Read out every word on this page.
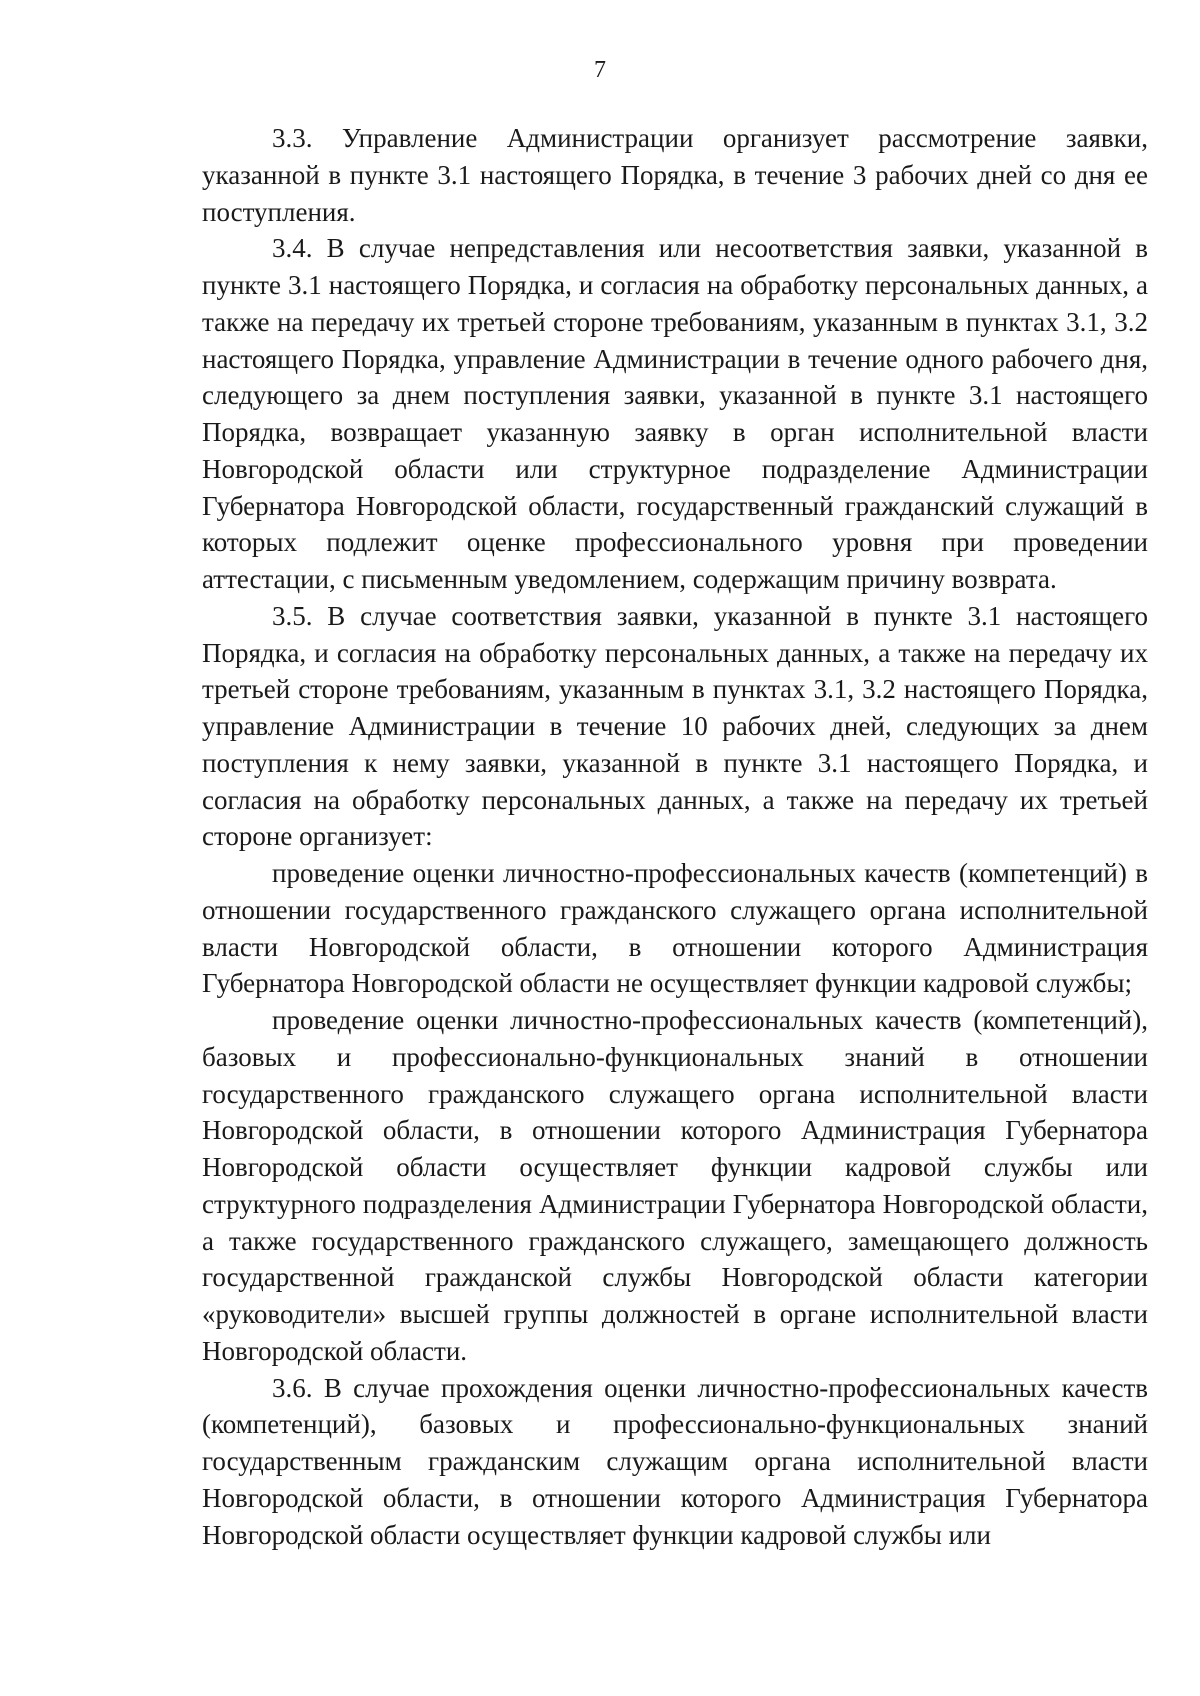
7

3.3. Управление Администрации организует рассмотрение заявки, указанной в пункте 3.1 настоящего Порядка, в течение 3 рабочих дней со дня ее поступления.

3.4. В случае непредставления или несоответствия заявки, указанной в пункте 3.1 настоящего Порядка, и согласия на обработку персональных данных, а также на передачу их третьей стороне требованиям, указанным в пунктах 3.1, 3.2 настоящего Порядка, управление Администрации в течение одного рабочего дня, следующего за днем поступления заявки, указанной в пункте 3.1 настоящего Порядка, возвращает указанную заявку в орган исполнительной власти Новгородской области или структурное подразделение Администрации Губернатора Новгородской области, государственный гражданский служащий в которых подлежит оценке профессионального уровня при проведении аттестации, с письменным уведомлением, содержащим причину возврата.

3.5. В случае соответствия заявки, указанной в пункте 3.1 настоящего Порядка, и согласия на обработку персональных данных, а также на передачу их третьей стороне требованиям, указанным в пунктах 3.1, 3.2 настоящего Порядка, управление Администрации в течение 10 рабочих дней, следующих за днем поступления к нему заявки, указанной в пункте 3.1 настоящего Порядка, и согласия на обработку персональных данных, а также на передачу их третьей стороне организует:

проведение оценки личностно-профессиональных качеств (компетенций) в отношении государственного гражданского служащего органа исполнительной власти Новгородской области, в отношении которого Администрация Губернатора Новгородской области не осуществляет функции кадровой службы;

проведение оценки личностно-профессиональных качеств (компетенций), базовых и профессионально-функциональных знаний в отношении государственного гражданского служащего органа исполнительной власти Новгородской области, в отношении которого Администрация Губернатора Новгородской области осуществляет функции кадровой службы или структурного подразделения Администрации Губернатора Новгородской области, а также государственного гражданского служащего, замещающего должность государственной гражданской службы Новгородской области категории «руководители» высшей группы должностей в органе исполнительной власти Новгородской области.

3.6. В случае прохождения оценки личностно-профессиональных качеств (компетенций), базовых и профессионально-функциональных знаний государственным гражданским служащим органа исполнительной власти Новгородской области, в отношении которого Администрация Губернатора Новгородской области осуществляет функции кадровой службы или
